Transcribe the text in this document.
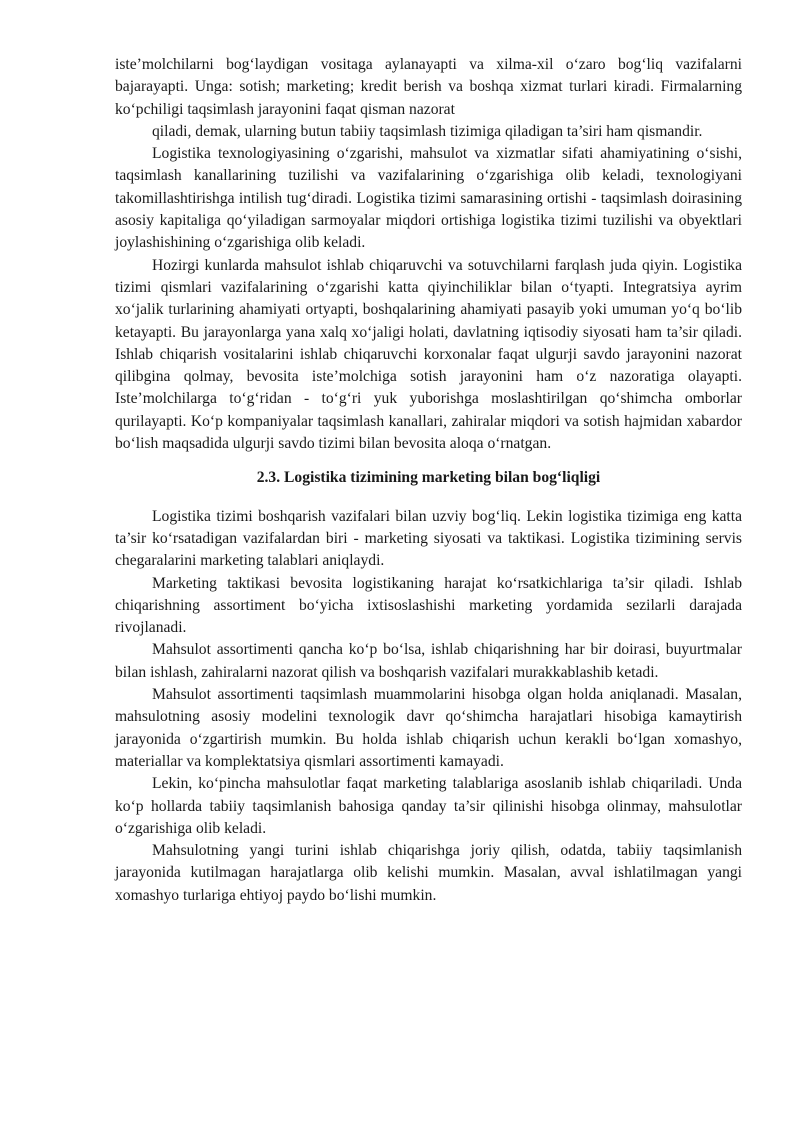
iste’molchilarni bog‘laydigan vositaga aylanayapti va xilma-xil o‘zaro bog‘liq vazifalarni bajarayapti. Unga: sotish; marketing; kredit berish va boshqa xizmat turlari kiradi. Firmalarning ko‘pchiligi taqsimlash jarayonini faqat qisman nazorat

qiladi, demak, ularning butun tabiiy taqsimlash tizimiga qiladigan ta’siri ham qismandir.

Logistika texnologiyasining o‘zgarishi, mahsulot va xizmatlar sifati ahamiyatining o‘sishi, taqsimlash kanallarining tuzilishi va vazifalarining o‘zgarishiga olib keladi, texnologiyani takomillashtirishga intilish tug‘diradi. Logistika tizimi samarasining ortishi - taqsimlash doirasining asosiy kapitaliga qo‘yiladigan sarmoyalar miqdori ortishiga logistika tizimi tuzilishi va obyektlari joylashishining o‘zgarishiga olib keladi.

Hozirgi kunlarda mahsulot ishlab chiqaruvchi va sotuvchilarni farqlash juda qiyin. Logistika tizimi qismlari vazifalarining o‘zgarishi katta qiyinchiliklar bilan o‘tyapti. Integratsiya ayrim xo‘jalik turlarining ahamiyati ortyapti, boshqalarining ahamiyati pasayib yoki umuman yo‘q bo‘lib ketayapti. Bu jarayonlarga yana xalq xo‘jaligi holati, davlatning iqtisodiy siyosati ham ta’sir qiladi. Ishlab chiqarish vositalarini ishlab chiqaruvchi korxonalar faqat ulgurji savdo jarayonini nazorat qilibgina qolmay, bevosita iste’molchiga sotish jarayonini ham o‘z nazoratiga olayapti. Iste’molchilarga to‘g‘ridan - to‘g‘ri yuk yuborishga moslashtirilgan qo‘shimcha omborlar qurilayapti. Ko‘p kompaniyalar taqsimlash kanallari, zahiralar miqdori va sotish hajmidan xabardor bo‘lish maqsadida ulgurji savdo tizimi bilan bevosita aloqa o‘rnatgan.

2.3. Logistika tizimining marketing bilan bog‘liqligi

Logistika tizimi boshqarish vazifalari bilan uzviy bog‘liq. Lekin logistika tizimiga eng katta ta’sir ko‘rsatadigan vazifalardan biri - marketing siyosati va taktikasi. Logistika tizimining servis chegaralarini marketing talablari aniqlaydi.

Marketing taktikasi bevosita logistikaning harajat ko‘rsatkichlariga ta’sir qiladi. Ishlab chiqarishning assortiment bo‘yicha ixtisoslashishi marketing yordamida sezilarli darajada rivojlanadi.

Mahsulot assortimenti qancha ko‘p bo‘lsa, ishlab chiqarishning har bir doirasi, buyurtmalar bilan ishlash, zahiralarni nazorat qilish va boshqarish vazifalari murakkablashib ketadi.

Mahsulot assortimenti taqsimlash muammolarini hisobga olgan holda aniqlanadi. Masalan, mahsulotning asosiy modelini texnologik davr qo‘shimcha harajatlari hisobiga kamaytirish jarayonida o‘zgartirish mumkin. Bu holda ishlab chiqarish uchun kerakli bo‘lgan xomashyo, materiallar va komplektatsiya qismlari assortimenti kamayadi.

Lekin, ko‘pincha mahsulotlar faqat marketing talablariga asoslanib ishlab chiqariladi. Unda ko‘p hollarda tabiiy taqsimlanish bahosiga qanday ta’sir qilinishi hisobga olinmay, mahsulotlar o‘zgarishiga olib keladi.

Mahsulotning yangi turini ishlab chiqarishga joriy qilish, odatda, tabiiy taqsimlanish jarayonida kutilmagan harajatlarga olib kelishi mumkin. Masalan, avval ishlatilmagan yangi xomashyo turlariga ehtiyoj paydo bo‘lishi mumkin.
